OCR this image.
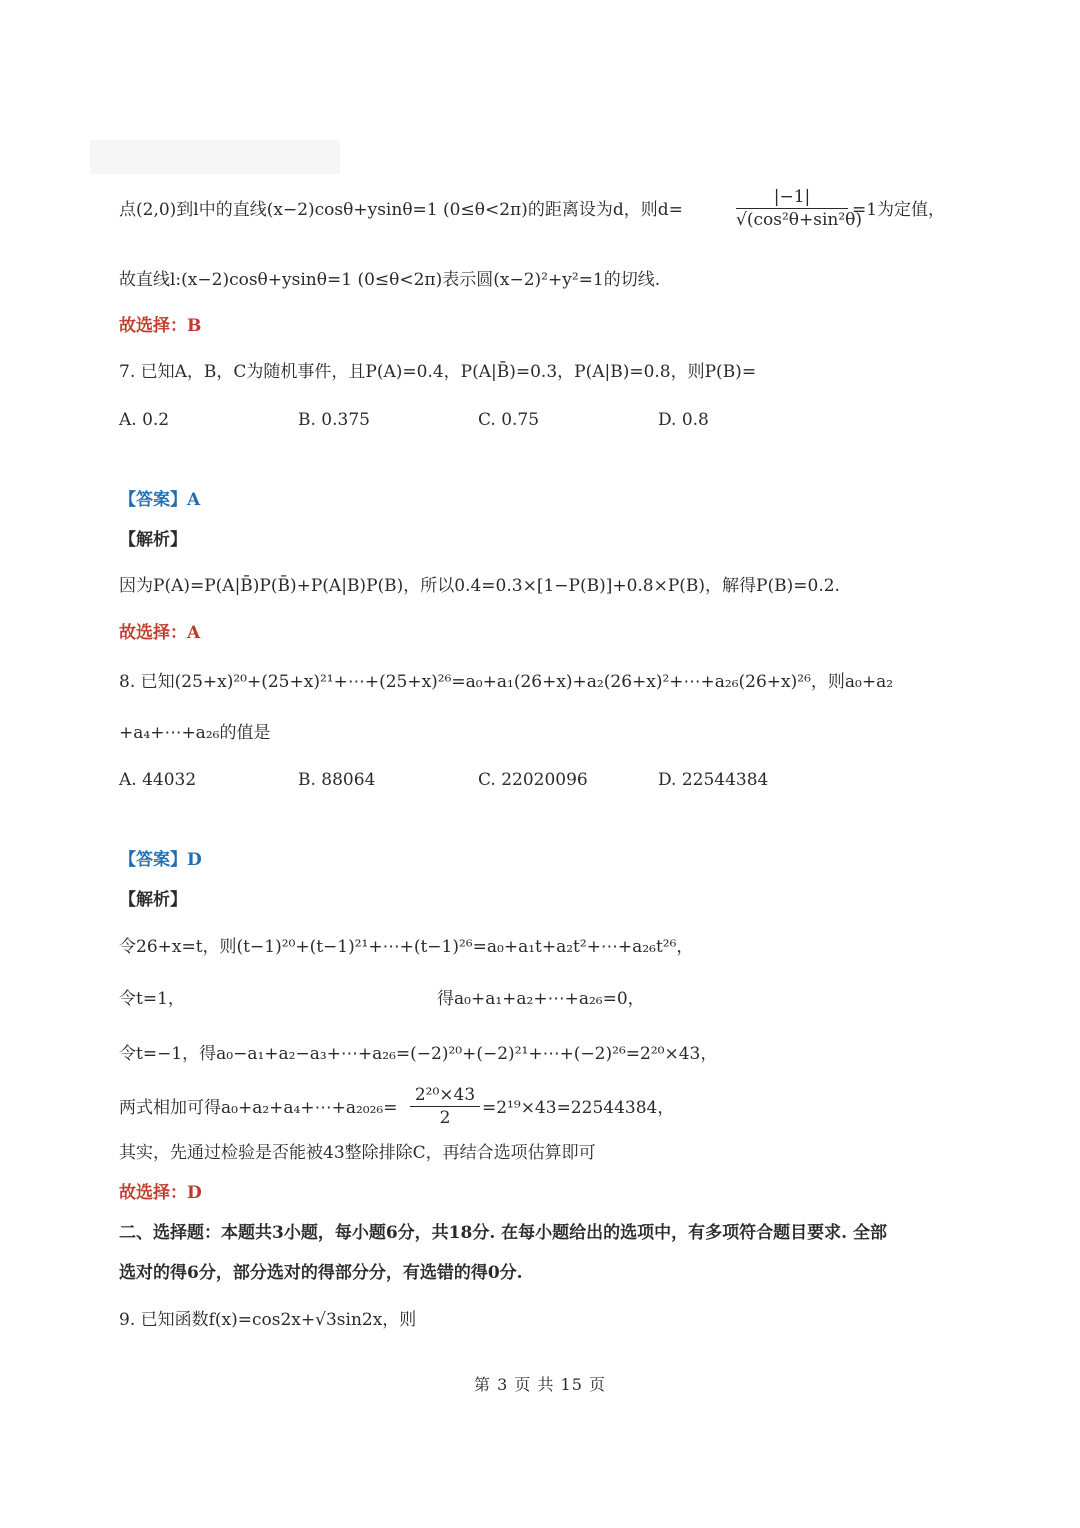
点(2,0)到l中的直线(x−2)cosθ+ysinθ=1 (0≤θ<2π)的距离设为d，则d=	$\frac{|-1|}{\text{√(cos²θ+sin²θ)}} =1$为定值，
故直线l:(x−2)cosθ+ysinθ=1 (0≤θ<2π)表示圆(x−2)²+y²=1的切线.
故选择：B
7. 已知A，B，C为随机事件，且P(A)=0.4，P(A|B̄)=0.3，P(A|B)=0.8，则P(B)=
A. 0.2	B. 0.375	C. 0.75	D. 0.8
【答案】A
【解析】
因为P(A)=P(A|B̄)P(B̄)+P(A|B)P(B)，所以0.4=0.3×[1−P(B)]+0.8×P(B)，解得P(B)=0.2.
故选择：A
8. 已知(25+x)²⁰+(25+x)²¹+⋯+(25+x)²⁶=a₀+a₁(26+x)+a₂(26+x)²+⋯+a₂₆(26+x)²⁶，则a₀+a₂
+a₄+⋯+a₂₆的值是
A. 44032	B. 88064	C. 22020096	D. 22544384
【答案】D
【解析】
令26+x=t，则(t−1)²⁰+(t−1)²¹+⋯+(t−1)²⁶=a₀+a₁t+a₂t²+⋯+a₂₆t²⁶，
令t=1，	得a₀+a₁+a₂+⋯+a₂₆=0，
令t=−1，得a₀−a₁+a₂−a₃+⋯+a₂₆=(−2)²⁰+(−2)²¹+⋯+(−2)²⁶=2²⁰×43，
两式相加可得a₀+a₂+a₄+⋯+a₂₀₂₆= $\frac{\text{2²⁰×43}}{2} =2^{19}\times 43=22544384$，
其实，先通过检验是否能被43整除排除C，再结合选项估算即可
故选择：D
二、选择题：本题共3小题，每小题6分，共18分. 在每小题给出的选项中，有多项符合题目要求. 全部
选对的得6分，部分选对的得部分分，有选错的得0分.
9. 已知函数f(x)=cos2x+√3sin2x，则
第 3 页 共 15 页
